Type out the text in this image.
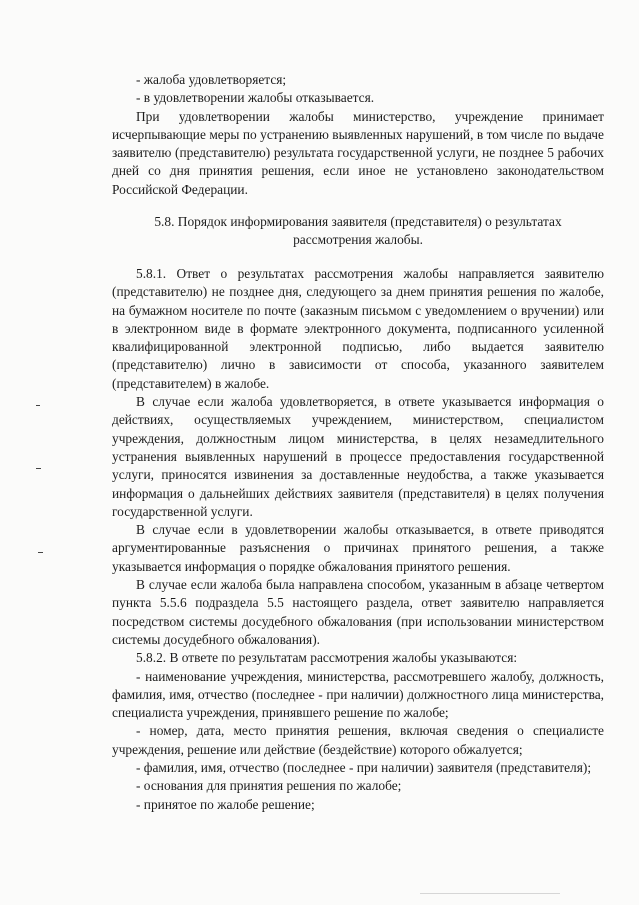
- жалоба удовлетворяется;

- в удовлетворении жалобы отказывается.

При удовлетворении жалобы министерство, учреждение принимает исчерпывающие меры по устранению выявленных нарушений, в том числе по выдаче заявителю (представителю) результата государственной услуги, не позднее 5 рабочих дней со дня принятия решения, если иное не установлено законодательством Российской Федерации.

5.8. Порядок информирования заявителя (представителя) о результатах

рассмотрения жалобы.

5.8.1. Ответ о результатах рассмотрения жалобы направляется заявителю (представителю) не позднее дня, следующего за днем принятия решения по жалобе, на бумажном носителе по почте (заказным письмом с уведомлением о вручении) или в электронном виде в формате электронного документа, подписанного усиленной квалифицированной электронной подписью, либо выдается заявителю (представителю) лично в зависимости от способа, указанного заявителем (представителем) в жалобе.

В случае если жалоба удовлетворяется, в ответе указывается информация о действиях, осуществляемых учреждением, министерством, специалистом учреждения, должностным лицом министерства, в целях незамедлительного устранения выявленных нарушений в процессе предоставления государственной услуги, приносятся извинения за доставленные неудобства, а также указывается информация о дальнейших действиях заявителя (представителя) в целях получения государственной услуги.

В случае если в удовлетворении жалобы отказывается, в ответе приводятся аргументированные разъяснения о причинах принятого решения, а также указывается информация о порядке обжалования принятого решения.

В случае если жалоба была направлена способом, указанным в абзаце четвертом пункта 5.5.6 подраздела 5.5 настоящего раздела, ответ заявителю направляется посредством системы досудебного обжалования (при использовании министерством системы досудебного обжалования).

5.8.2. В ответе по результатам рассмотрения жалобы указываются:

- наименование учреждения, министерства, рассмотревшего жалобу, должность, фамилия, имя, отчество (последнее - при наличии) должностного лица министерства, специалиста учреждения, принявшего решение по жалобе;

- номер, дата, место принятия решения, включая сведения о специалисте учреждения, решение или действие (бездействие) которого обжалуется;

- фамилия, имя, отчество (последнее - при наличии) заявителя (представителя);

- основания для принятия решения по жалобе;

- принятое по жалобе решение;
